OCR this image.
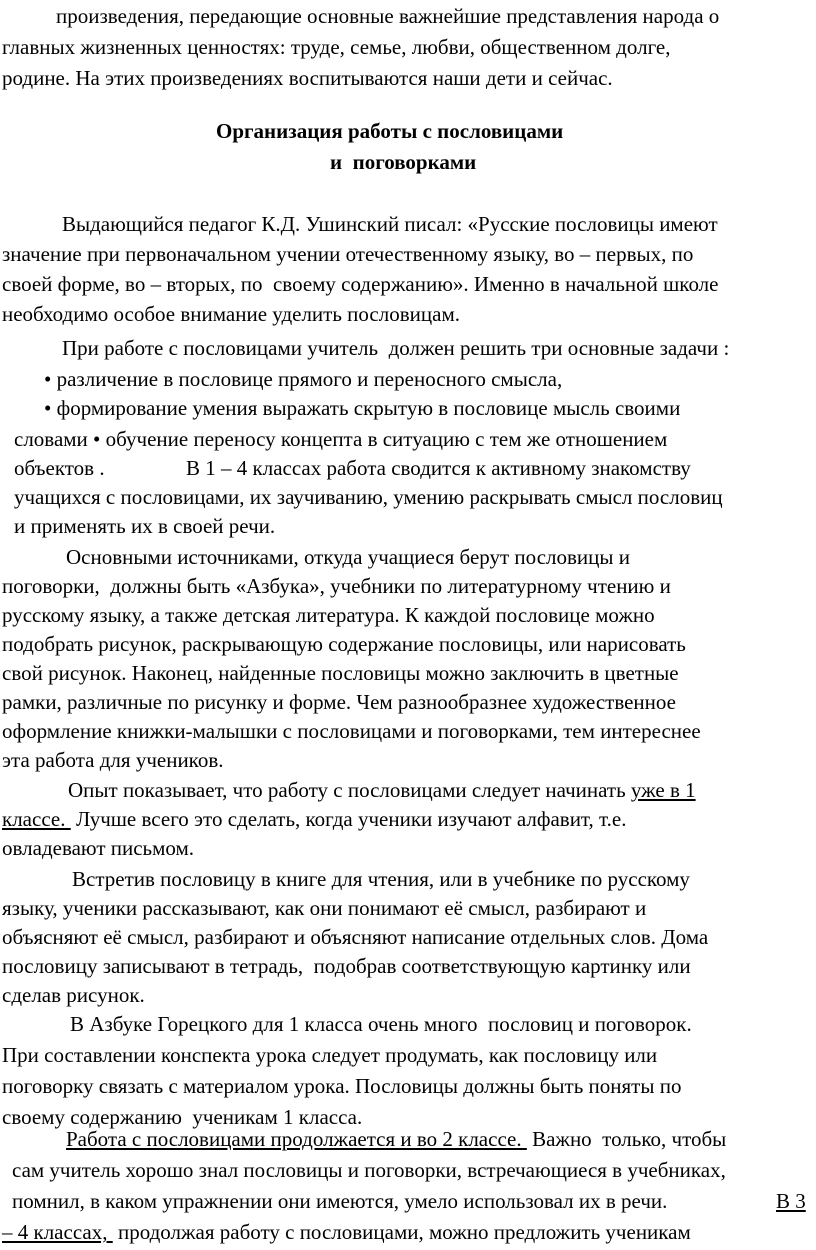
произведения, передающие основные важнейшие представления народа о
главных жизненных ценностях: труде, семье, любви, общественном долге,
родине. На этих произведениях воспитываются наши дети и сейчас.
Организация работы с пословицами
и  поговорками
Выдающийся педагог К.Д. Ушинский писал: «Русские пословицы имеют
значение при первоначальном учении отечественному языку, во – первых, по
своей форме, во – вторых, по  своему содержанию». Именно в начальной школе
необходимо особое внимание уделить пословицам.
При работе с пословицами учитель  должен решить три основные задачи :
• различение в пословице прямого и переносного смысла,
• формирование умения выражать скрытую в пословице мысль своими
словами • обучение переносу концепта в ситуацию с тем же отношением
объектов .	В 1 – 4 классах работа сводится к активному знакомству
учащихся с пословицами, их заучиванию, умению раскрывать смысл пословиц
и применять их в своей речи.
Основными источниками, откуда учащиеся берут пословицы и
поговорки,  должны быть «Азбука», учебники по литературному чтению и
русскому языку, а также детская литература. К каждой пословице можно
подобрать рисунок, раскрывающую содержание пословицы, или нарисовать
свой рисунок. Наконец, найденные пословицы можно заключить в цветные
рамки, различные по рисунку и форме. Чем разнообразнее художественное
оформление книжки-малышки с пословицами и поговорками, тем интереснее
эта работа для учеников.
Опыт показывает, что работу с пословицами следует начинать уже в 1
классе.  Лучше всего это сделать, когда ученики изучают алфавит, т.е.
овладевают письмом.
Встретив пословицу в книге для чтения, или в учебнике по русскому
языку, ученики рассказывают, как они понимают её смысл, разбирают и
объясняют её смысл, разбирают и объясняют написание отдельных слов. Дома
пословицу записывают в тетрадь,  подобрав соответствующую картинку или
сделав рисунок.
В Азбуке Горецкого для 1 класса очень много  пословиц и поговорок.
При составлении конспекта урока следует продумать, как пословицу или
поговорку связать с материалом урока. Пословицы должны быть поняты по
своему содержанию  ученикам 1 класса.
Работа с пословицами продолжается и во 2 классе.  Важно  только, чтобы
сам учитель хорошо знал пословицы и поговорки, встречающиеся в учебниках,
помнил, в каком упражнении они имеются, умело использовал их в речи.	В 3
– 4 классах,  продолжая работу с пословицами, можно предложить ученикам
